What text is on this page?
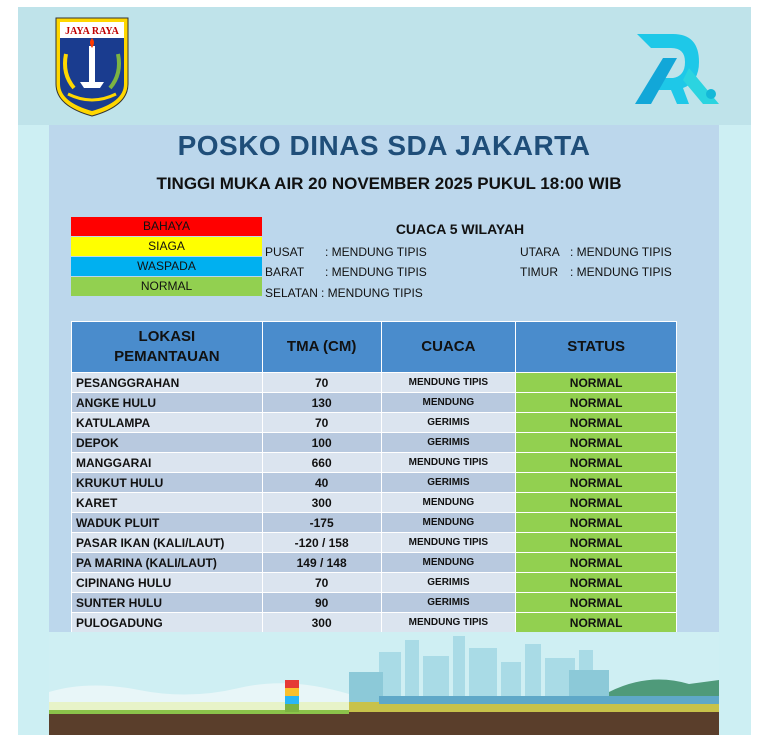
JAYA RAYA
POSKO DINAS SDA JAKARTA
TINGGI MUKA AIR 20 NOVEMBER 2025 PUKUL 18:00 WIB
BAHAYA
SIAGA
WASPADA
NORMAL
CUACA 5 WILAYAH
PUSAT : MENDUNG TIPIS
BARAT : MENDUNG TIPIS
SELATAN : MENDUNG TIPIS
UTARA : MENDUNG TIPIS
TIMUR : MENDUNG TIPIS
LOKASI
PEMANTAUAN	TMA (CM)	CUACA	STATUS
PESANGGRAHAN	70	MENDUNG TIPIS	NORMAL
ANGKE HULU	130	MENDUNG	NORMAL
KATULAMPA	70	GERIMIS	NORMAL
DEPOK	100	GERIMIS	NORMAL
MANGGARAI	660	MENDUNG TIPIS	NORMAL
KRUKUT HULU	40	GERIMIS	NORMAL
KARET	300	MENDUNG	NORMAL
WADUK PLUIT	-175	MENDUNG	NORMAL
PASAR IKAN (KALI/LAUT)	-120 / 158	MENDUNG TIPIS	NORMAL
PA MARINA (KALI/LAUT)	149 / 148	MENDUNG	NORMAL
CIPINANG HULU	70	GERIMIS	NORMAL
SUNTER HULU	90	GERIMIS	NORMAL
PULOGADUNG	300	MENDUNG TIPIS	NORMAL
